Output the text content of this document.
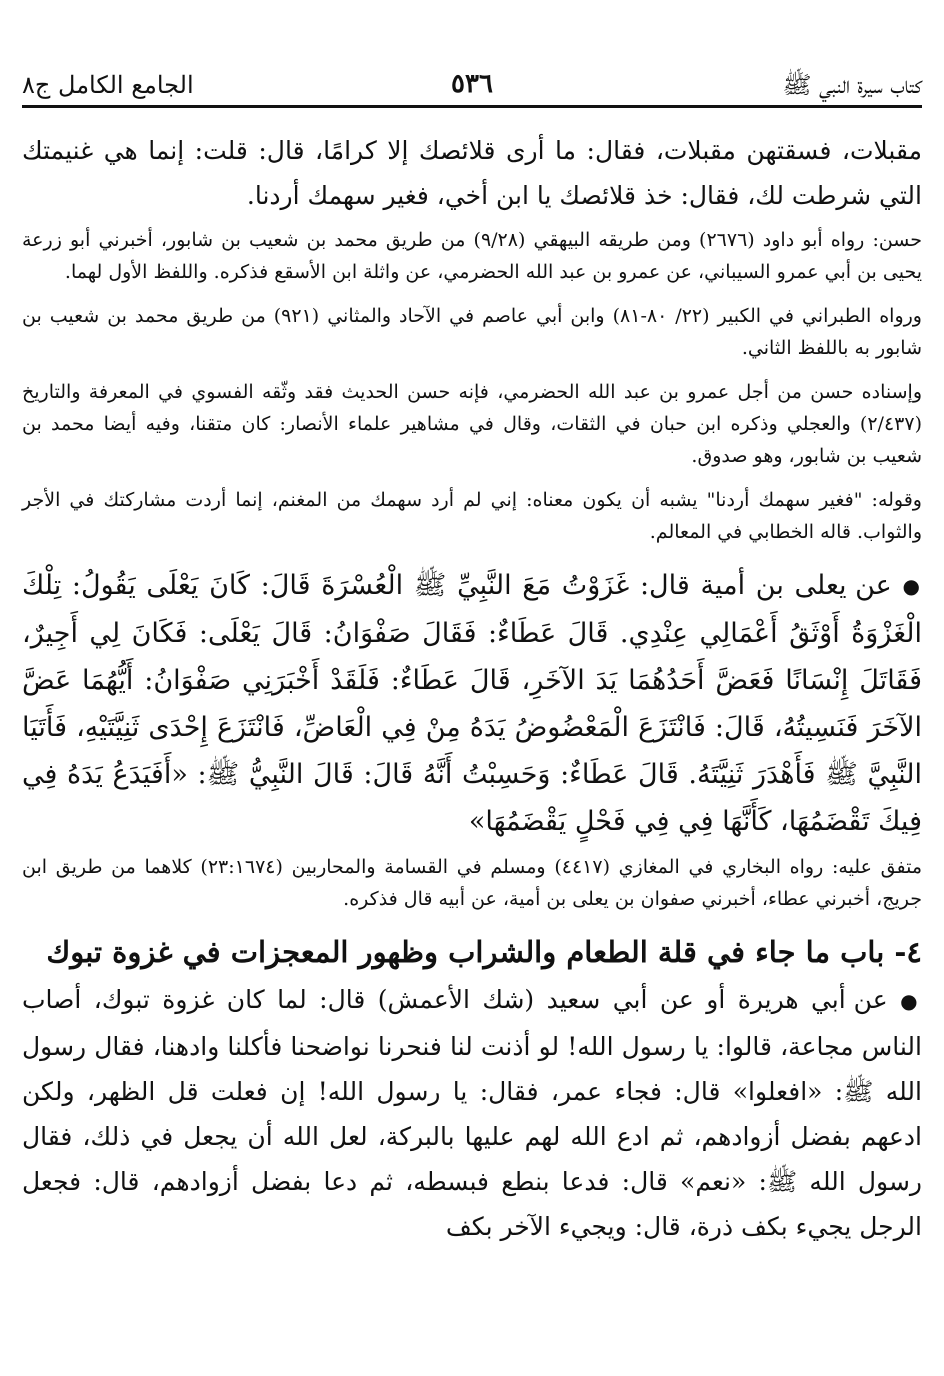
كتاب سيرة النبي ﷺ
٥٣٦
الجامع الكامل ج٨

مقبلات، فسقتهن مقبلات، فقال: ما أرى قلائصك إلا كرامًا، قال: قلت: إنما هي غنيمتك التي شرطت لك، فقال: خذ قلائصك يا ابن أخي، فغير سهمك أردنا.

حسن: رواه أبو داود (٢٦٧٦) ومن طريقه البيهقي (٩/٢٨) من طريق محمد بن شعيب بن شابور، أخبرني أبو زرعة يحيى بن أبي عمرو السيباني، عن عمرو بن عبد الله الحضرمي، عن واثلة ابن الأسقع فذكره. واللفظ الأول لهما.

ورواه الطبراني في الكبير (٢٢/ ٨٠-٨١) وابن أبي عاصم في الآحاد والمثاني (٩٢١) من طريق محمد بن شعيب بن شابور به باللفظ الثاني.

وإسناده حسن من أجل عمرو بن عبد الله الحضرمي، فإنه حسن الحديث فقد وثّقه الفسوي في المعرفة والتاريخ (٢/٤٣٧) والعجلي وذكره ابن حبان في الثقات، وقال في مشاهير علماء الأنصار: كان متقنا، وفيه أيضا محمد بن شعيب بن شابور، وهو صدوق.

وقوله: "فغير سهمك أردنا" يشبه أن يكون معناه: إني لم أرد سهمك من المغنم، إنما أردت مشاركتك في الأجر والثواب. قاله الخطابي في المعالم.

● عن يعلى بن أمية قال: غَزَوْتُ مَعَ النَّبِيِّ ﷺ الْعُسْرَةَ قَالَ: كَانَ يَعْلَى يَقُولُ: تِلْكَ الْغَزْوَةُ أَوْثَقُ أَعْمَالِي عِنْدِي. قَالَ عَطَاءٌ: فَقَالَ صَفْوَانُ: قَالَ يَعْلَى: فَكَانَ لِي أَجِيرٌ، فَقَاتَلَ إِنْسَانًا فَعَضَّ أَحَدُهُمَا يَدَ الآخَرِ، قَالَ عَطَاءٌ: فَلَقَدْ أَخْبَرَنِي صَفْوَانُ: أَيُّهُمَا عَضَّ الآخَرَ فَنَسِيتُهُ، قَالَ: فَانْتَزَعَ الْمَعْضُوضُ يَدَهُ مِنْ فِي الْعَاضِّ، فَانْتَزَعَ إِحْدَى ثَنِيَّتَيْهِ، فَأَتَيَا النَّبِيَّ ﷺ فَأَهْدَرَ ثَنِيَّتَهُ. قَالَ عَطَاءٌ: وَحَسِبْتُ أَنَّهُ قَالَ: قَالَ النَّبِيُّ ﷺ: «أَفَيَدَعُ يَدَهُ فِي فِيكَ تَقْضَمُهَا، كَأَنَّهَا فِي فِي فَحْلٍ يَقْضَمُهَا»

متفق عليه: رواه البخاري في المغازي (٤٤١٧) ومسلم في القسامة والمحاربين (٢٣:١٦٧٤) كلاهما من طريق ابن جريج، أخبرني عطاء، أخبرني صفوان بن يعلى بن أمية، عن أبيه قال فذكره.

٤- باب ما جاء في قلة الطعام والشراب وظهور المعجزات في غزوة تبوك

● عن أبي هريرة أو عن أبي سعيد (شك الأعمش) قال: لما كان غزوة تبوك، أصاب الناس مجاعة، قالوا: يا رسول الله! لو أذنت لنا فنحرنا نواضحنا فأكلنا وادهنا، فقال رسول الله ﷺ: «افعلوا» قال: فجاء عمر، فقال: يا رسول الله! إن فعلت قل الظهر، ولكن ادعهم بفضل أزوادهم، ثم ادع الله لهم عليها بالبركة، لعل الله أن يجعل في ذلك، فقال رسول الله ﷺ: «نعم» قال: فدعا بنطع فبسطه، ثم دعا بفضل أزوادهم، قال: فجعل الرجل يجيء بكف ذرة، قال: ويجيء الآخر بكف
